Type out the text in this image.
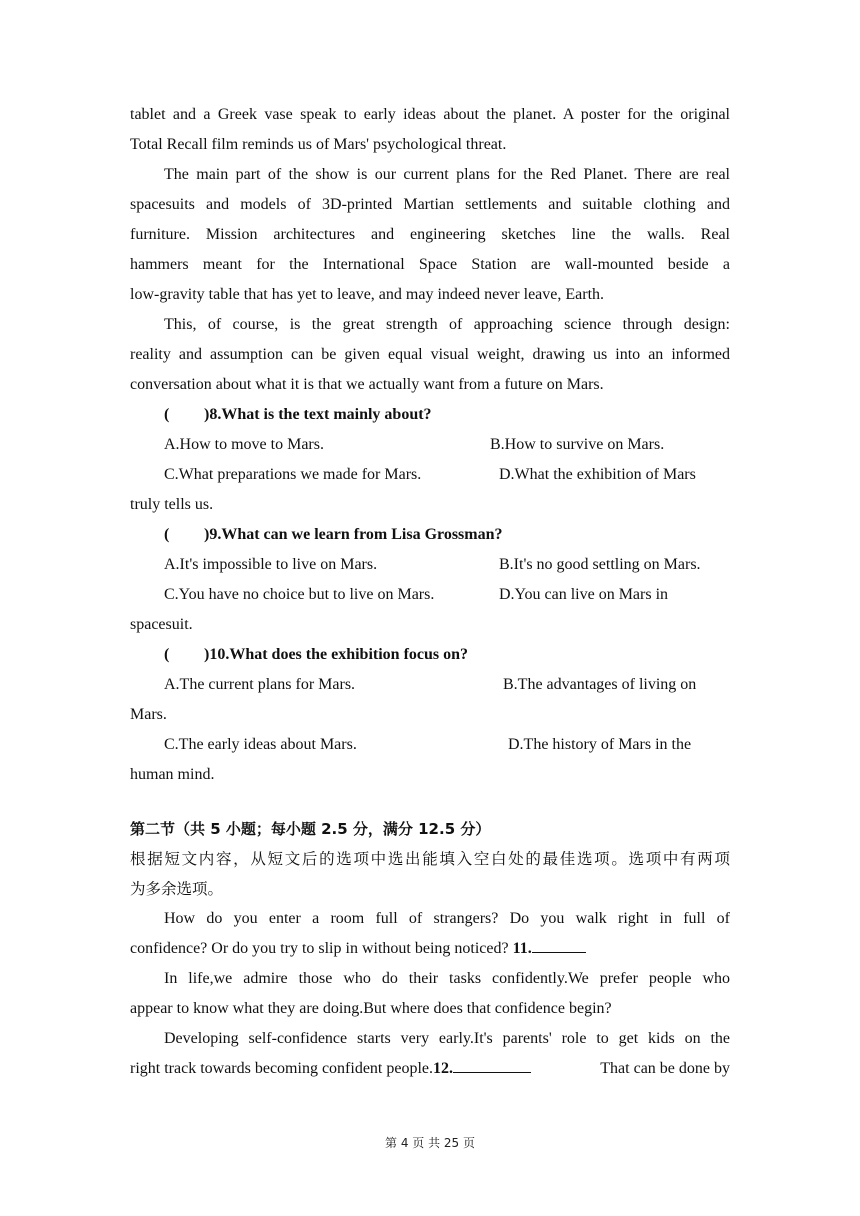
tablet and a Greek vase speak to early ideas about the planet. A poster for the original
Total Recall film reminds us of Mars' psychological threat.
The main part of the show is our current plans for the Red Planet. There are real
spacesuits and models of 3D-printed Martian settlements and suitable clothing and
furniture. Mission architectures and engineering sketches line the walls. Real
hammers meant for the International Space Station are wall-mounted beside a
low-gravity table that has yet to leave, and may indeed never leave, Earth.
This, of course, is the great strength of approaching science through design:
reality and assumption can be given equal visual weight, drawing us into an informed
conversation about what it is that we actually want from a future on Mars.
( )8.What is the text mainly about?
A.How to move to Mars.	B.How to survive on Mars.
C.What preparations we made for Mars.	D.What the exhibition of Mars
truly tells us.
( )9.What can we learn from Lisa Grossman?
A.It's impossible to live on Mars.	B.It's no good settling on Mars.
C.You have no choice but to live on Mars.	D.You can live on Mars in
spacesuit.
( )10.What does the exhibition focus on?
A.The current plans for Mars.	B.The advantages of living on
Mars.
C.The early ideas about Mars.	D.The history of Mars in the
human mind.
第二节（共 5 小题；每小题 2.5 分，满分 12.5 分）
根据短文内容，从短文后的选项中选出能填入空白处的最佳选项。选项中有两项
为多余选项。
How do you enter a room full of strangers? Do you walk right in full of
confidence? Or do you try to slip in without being noticed? 11.
In life,we admire those who do their tasks confidently.We prefer people who
appear to know what they are doing.But where does that confidence begin?
Developing self-confidence starts very early.It's parents' role to get kids on the
right track towards becoming confident people.12.	That can be done by
第 4 页 共 25 页
